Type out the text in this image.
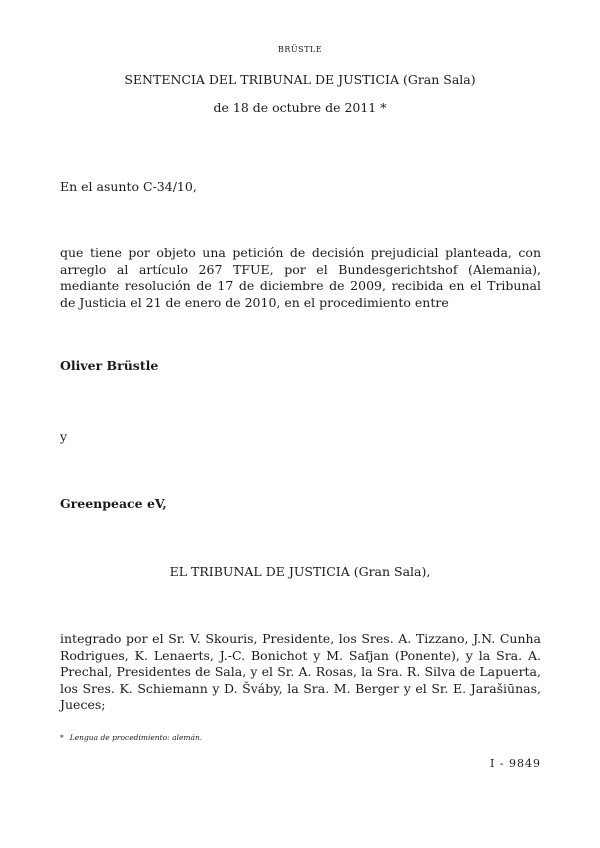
BRÜSTLE
SENTENCIA DEL TRIBUNAL DE JUSTICIA (Gran Sala)
de 18 de octubre de 2011 *
En el asunto C-34/10,
que tiene por objeto una petición de decisión prejudicial planteada, con arreglo al artículo 267 TFUE, por el Bundesgerichtshof (Alemania), mediante resolución de 17 de diciembre de 2009, recibida en el Tribunal de Justicia el 21 de enero de 2010, en el procedimiento entre
Oliver Brüstle
y
Greenpeace eV,
EL TRIBUNAL DE JUSTICIA (Gran Sala),
integrado por el Sr. V. Skouris, Presidente, los Sres. A. Tizzano, J.N. Cunha Rodrigues, K. Lenaerts, J.-C. Bonichot y M. Safjan (Ponente), y la Sra. A. Prechal, Presidentes de Sala, y el Sr. A. Rosas, la Sra. R. Silva de Lapuerta, los Sres. K. Schiemann y D. Šváby, la Sra. M. Berger y el Sr. E. Jarašiūnas, Jueces;
* Lengua de procedimiento: alemán.
I - 9849
